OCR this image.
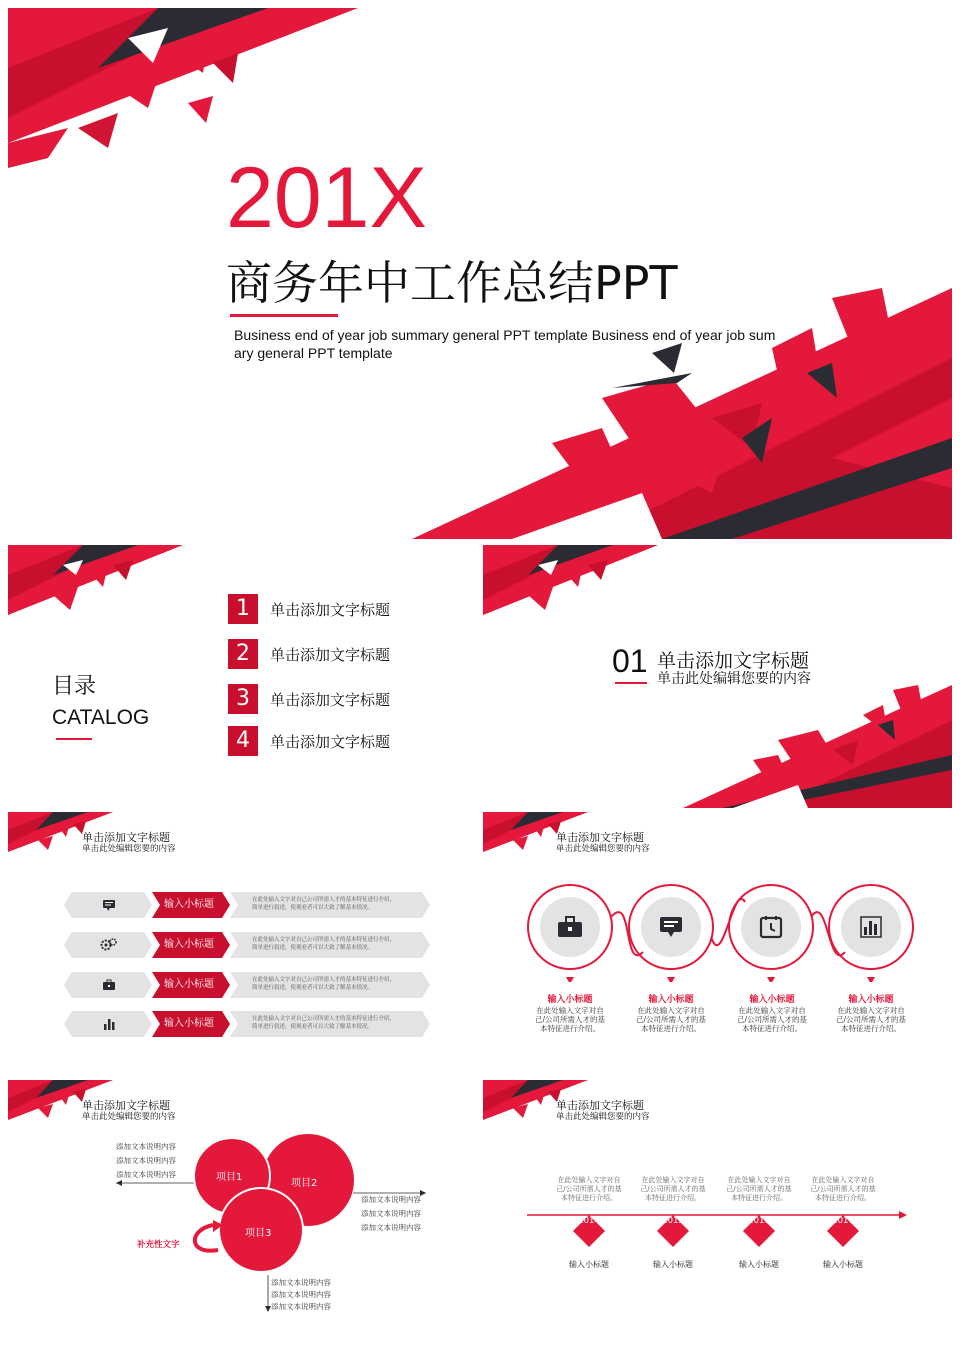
201X
商务年中工作总结PPT
Business end of year job summary general PPT template Business end of year job sum
ary general PPT template
目录
CATALOG
1	单击添加文字标题
2	单击添加文字标题
3	单击添加文字标题
4	单击添加文字标题
01 单击添加文字标题
单击此处编辑您要的内容
单击添加文字标题
单击此处编辑您要的内容
输入小标题	在此处输入文字对自己公司所需人才的基本特征进行介绍，
简单进行叙述，使观看者可以大致了解基本情况。
输入小标题	在此处输入文字对自己公司所需人才的基本特征进行介绍，
简单进行叙述，使观看者可以大致了解基本情况。
输入小标题	在此处输入文字对自己公司所需人才的基本特征进行介绍，
简单进行叙述，使观看者可以大致了解基本情况。
输入小标题	在此处输入文字对自己公司所需人才的基本特征进行介绍，
简单进行叙述，使观看者可以大致了解基本情况。
单击添加文字标题
单击此处编辑您要的内容
输入小标题
在此处输入文字对自
己/公司所需人才的基
本特征进行介绍。
输入小标题
在此处输入文字对自
己/公司所需人才的基
本特征进行介绍。
输入小标题
在此处输入文字对自
己/公司所需人才的基
本特征进行介绍。
输入小标题
在此处输入文字对自
己/公司所需人才的基
本特征进行介绍。
单击添加文字标题
单击此处编辑您要的内容
项目1
项目2
项目3
补充性文字
添加文本说明内容
添加文本说明内容
添加文本说明内容
添加文本说明内容
添加文本说明内容
添加文本说明内容
添加文本说明内容
添加文本说明内容
添加文本说明内容
单击添加文字标题
单击此处编辑您要的内容
在此处输入文字对自
己/公司所需人才的基
本特征进行介绍。
在此处输入文字对自
己/公司所需人才的基
本特征进行介绍。
在此处输入文字对自
己/公司所需人才的基
本特征进行介绍。
在此处输入文字对自
己/公司所需人才的基
本特征进行介绍。
2014	2015	2016	2017
输入小标题	输入小标题	输入小标题	输入小标题
